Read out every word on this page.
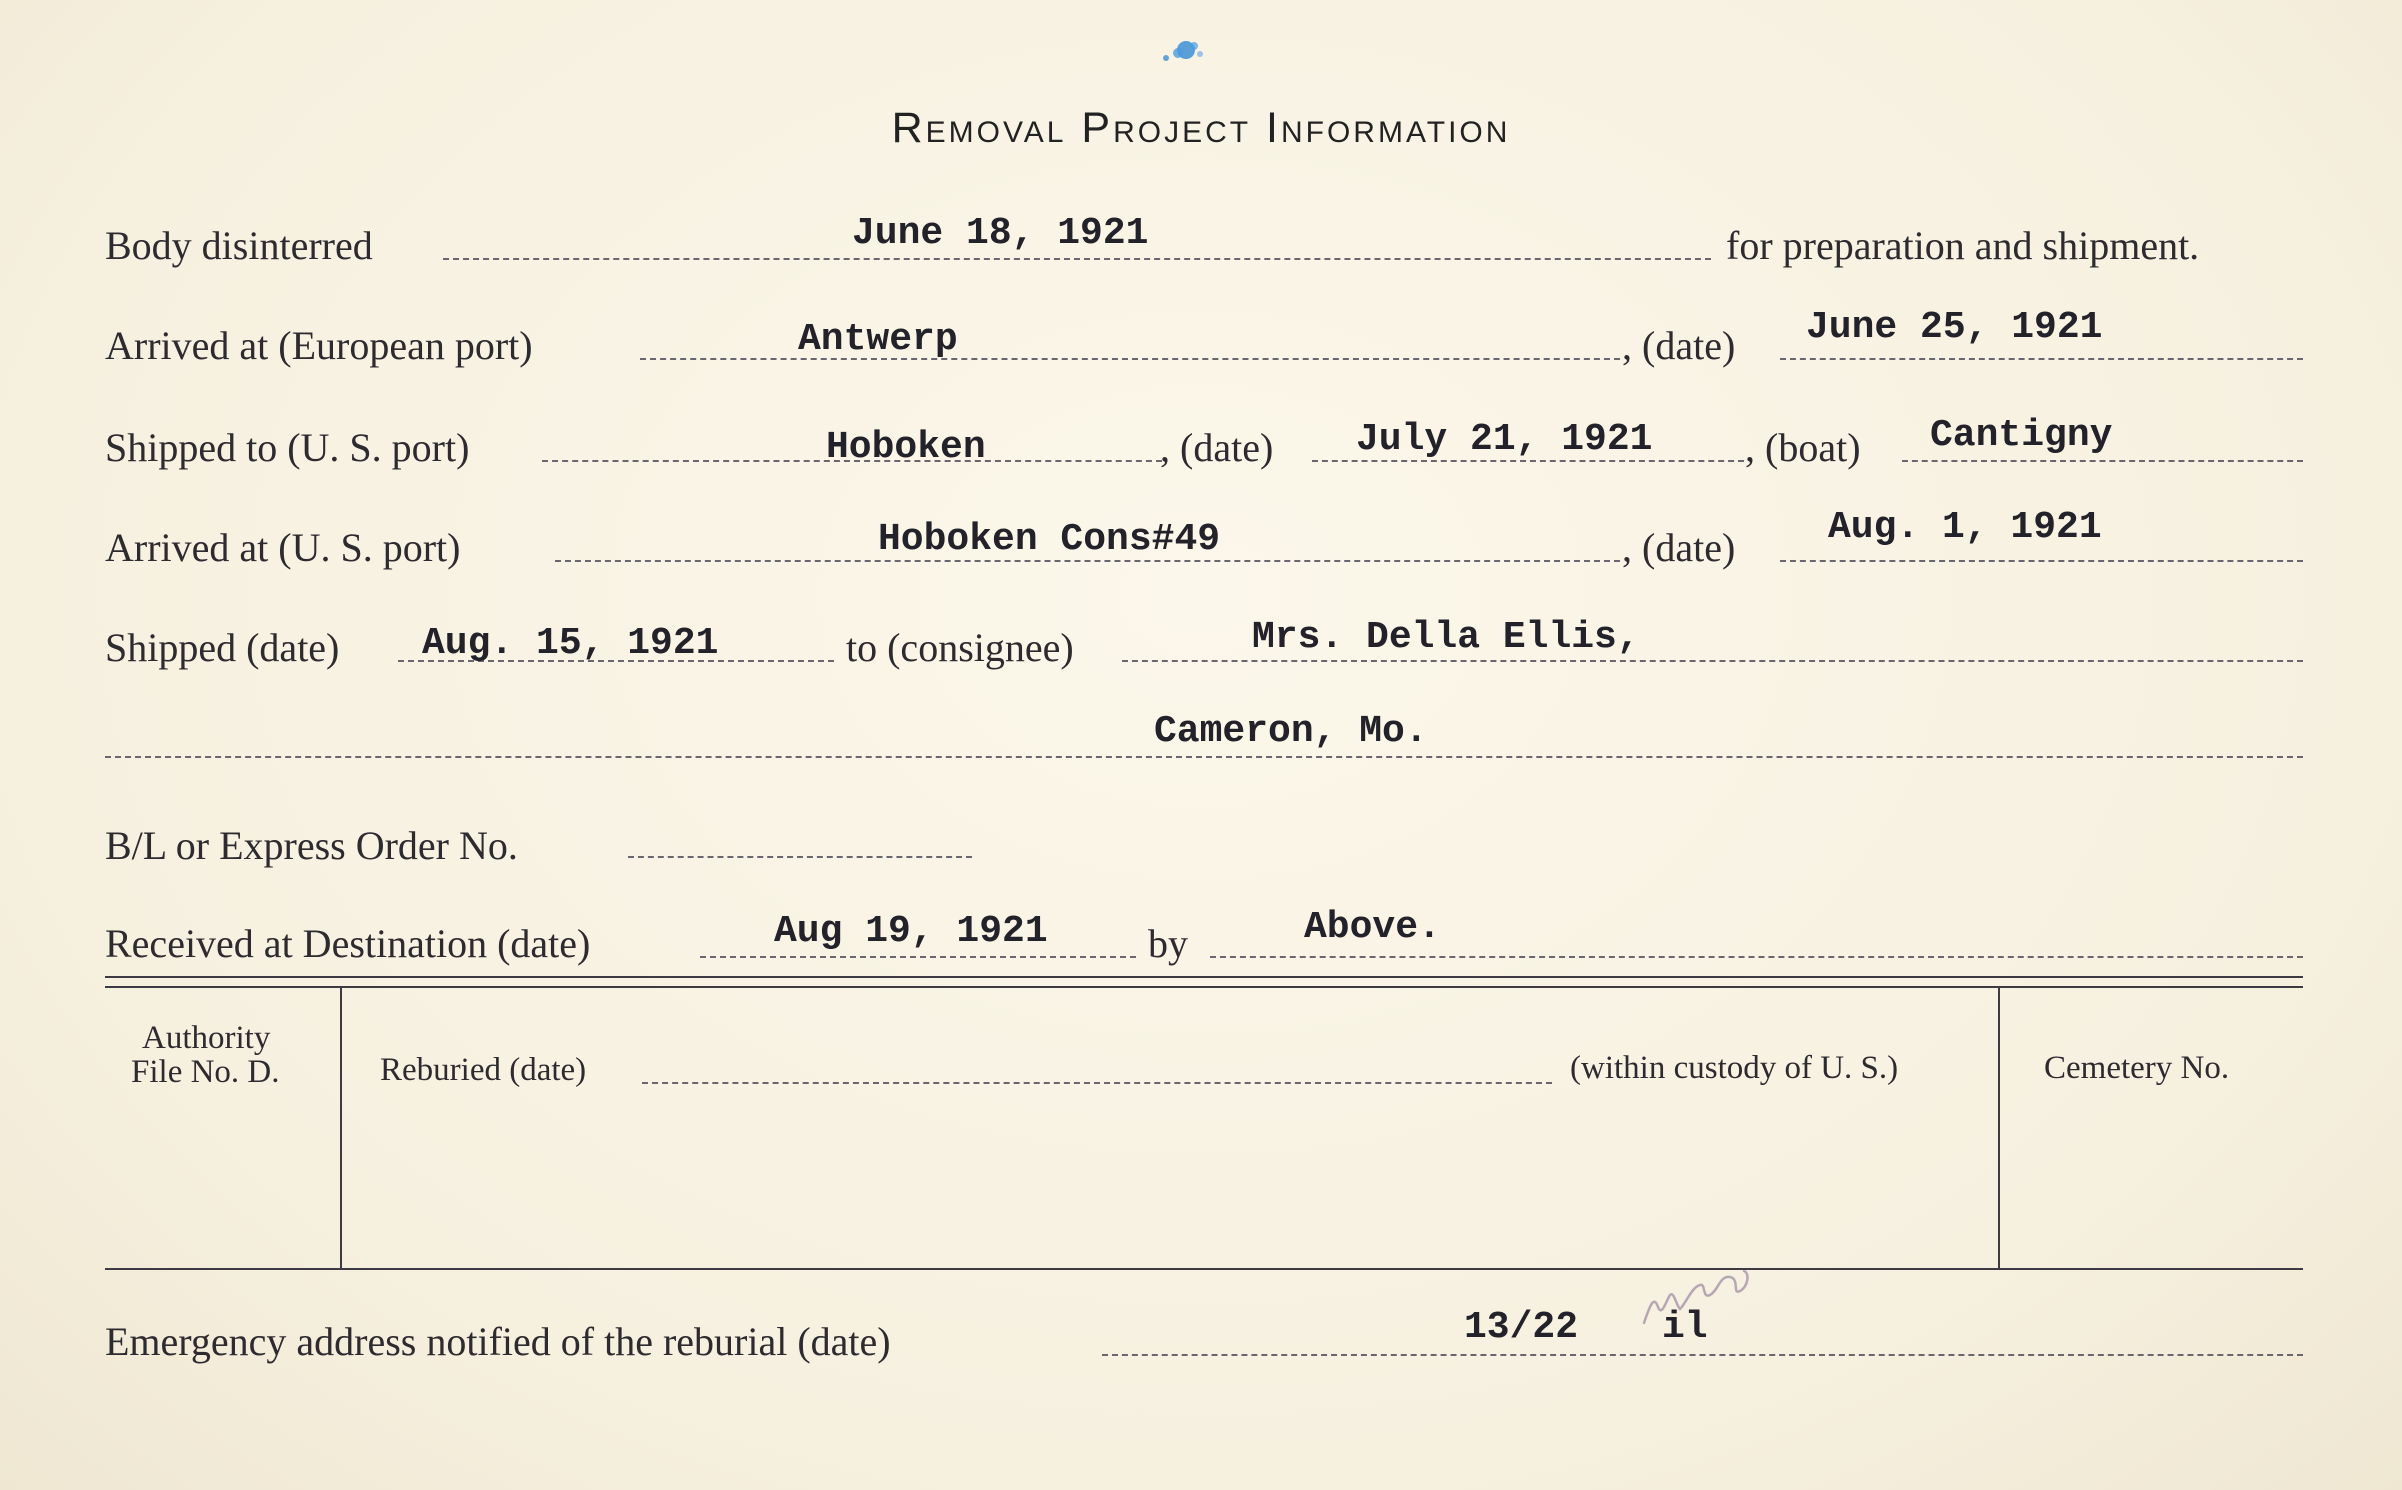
Removal Project Information
Body disinterred	June 18, 1921	for preparation and shipment.
Arrived at (European port)	Antwerp	, (date) June 25, 1921
Shipped to (U. S. port)	Hoboken	, (date) July 21, 1921 , (boat) Cantigny
Arrived at (U. S. port)	Hoboken Cons#49	, (date) Aug. 1, 1921
Shipped (date) Aug. 15, 1921	to (consignee)	Mrs. Della Ellis,
Cameron, Mo.
B/L or Express Order No.
Received at Destination (date)	Aug 19, 1921	by	Above.
Authority
File No. D.	Reburied (date)	(within custody of U. S.)	Cemetery No.
Emergency address notified of the reburial (date)	13/22 il
